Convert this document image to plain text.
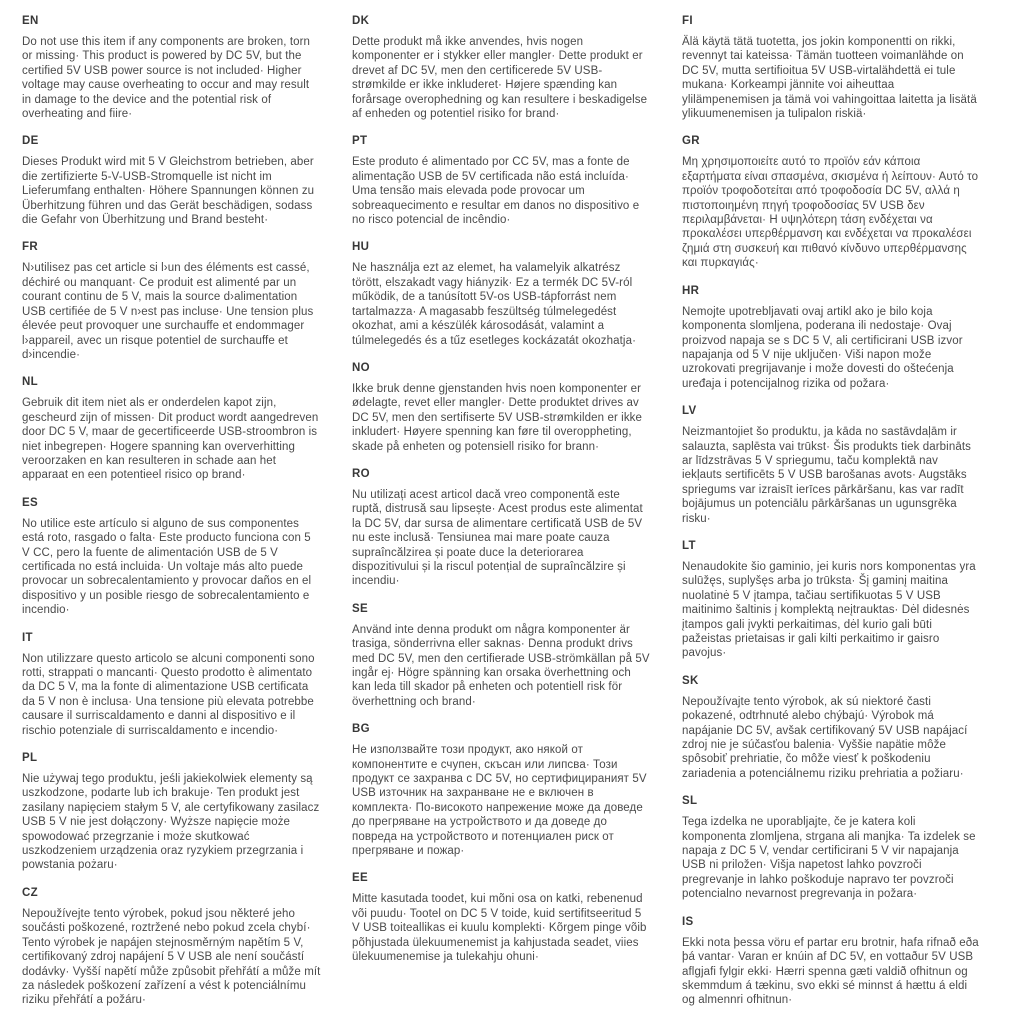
EN

Do not use this item if any components are broken, torn or missing· This product is powered by DC 5V, but the certified 5V USB power source is not included· Higher voltage may cause overheating to occur and may result in damage to the device and the potential risk of overheating and fiire·

DE

Dieses Produkt wird mit 5 V Gleichstrom betrieben, aber die zertifizierte 5-V-USB-Stromquelle ist nicht im Lieferumfang enthalten· Höhere Spannungen können zu Überhitzung führen und das Gerät beschädigen, sodass die Gefahr von Überhitzung und Brand besteht·

FR

N›utilisez pas cet article si l›un des éléments est cassé, déchiré ou manquant· Ce produit est alimenté par un courant continu de 5 V, mais la source d›alimentation USB certifiée de 5 V n›est pas incluse· Une tension plus élevée peut provoquer une surchauffe et endommager l›appareil, avec un risque potentiel de surchauffe et d›incendie·

NL

Gebruik dit item niet als er onderdelen kapot zijn, gescheurd zijn of missen· Dit product wordt aangedreven door DC 5 V, maar de gecertificeerde USB-stroombron is niet inbegrepen· Hogere spanning kan oververhitting veroorzaken en kan resulteren in schade aan het apparaat en een potentieel risico op brand·

ES

No utilice este artículo si alguno de sus componentes está roto, rasgado o falta· Este producto funciona con 5 V CC, pero la fuente de alimentación USB de 5 V certificada no está incluida· Un voltaje más alto puede provocar un sobrecalentamiento y provocar daños en el dispositivo y un posible riesgo de sobrecalentamiento e incendio·

IT

Non utilizzare questo articolo se alcuni componenti sono rotti, strappati o mancanti· Questo prodotto è alimentato da DC 5 V, ma la fonte di alimentazione USB certificata da 5 V non è inclusa· Una tensione più elevata potrebbe causare il surriscaldamento e danni al dispositivo e il rischio potenziale di surriscaldamento e incendio·

PL

Nie używaj tego produktu, jeśli jakiekolwiek elementy są uszkodzone, podarte lub ich brakuje· Ten produkt jest zasilany napięciem stałym 5 V, ale certyfikowany zasilacz USB 5 V nie jest dołączony· Wyższe napięcie może spowodować przegrzanie i może skutkować uszkodzeniem urządzenia oraz ryzykiem przegrzania i powstania pożaru·

CZ

Nepoužívejte tento výrobek, pokud jsou některé jeho součásti poškozené, roztržené nebo pokud zcela chybí· Tento výrobek je napájen stejnosměrným napětím 5 V, certifikovaný zdroj napájení 5 V USB ale není součástí dodávky· Vyšší napětí může způsobit přehřátí a může mít za následek poškození zařízení a vést k potenciálnímu riziku přehřátí a požáru·

DK

Dette produkt må ikke anvendes, hvis nogen komponenter er i stykker eller mangler· Dette produkt er drevet af DC 5V, men den certificerede 5V USB-strømkilde er ikke inkluderet· Højere spænding kan forårsage overophedning og kan resultere i beskadigelse af enheden og potentiel risiko for brand·

PT

Este produto é alimentado por CC 5V, mas a fonte de alimentação USB de 5V certificada não está incluída· Uma tensão mais elevada pode provocar um sobreaquecimento e resultar em danos no dispositivo e no risco potencial de incêndio·

HU

Ne használja ezt az elemet, ha valamelyik alkatrész törött, elszakadt vagy hiányzik· Ez a termék DC 5V-ról működik, de a tanúsított 5V-os USB-tápforrást nem tartalmazza· A magasabb feszültség túlmelegedést okozhat, ami a készülék károsodását, valamint a túlmelegedés és a tűz esetleges kockázatát okozhatja·

NO

Ikke bruk denne gjenstanden hvis noen komponenter er ødelagte, revet eller mangler· Dette produktet drives av DC 5V, men den sertifiserte 5V USB-strømkilden er ikke inkludert· Høyere spenning kan føre til overoppheting, skade på enheten og potensiell risiko for brann·

RO

Nu utilizați acest articol dacă vreo componentă este ruptă, distrusă sau lipsește· Acest produs este alimentat la DC 5V, dar sursa de alimentare certificată USB de 5V nu este inclusă· Tensiunea mai mare poate cauza supraîncălzirea și poate duce la deteriorarea dispozitivului și la riscul potențial de supraîncălzire și incendiu·

SE

Använd inte denna produkt om några komponenter är trasiga, sönderrivna eller saknas· Denna produkt drivs med DC 5V, men den certifierade USB-strömkällan på 5V ingår ej· Högre spänning kan orsaka överhettning och kan leda till skador på enheten och potentiell risk för överhettning och brand·

BG

Не използвайте този продукт, ако някой от компонентите е счупен, скъсан или липсва· Този продукт се захранва с DC 5V, но сертифицираният 5V USB източник на захранване не е включен в комплекта· По-високото напрежение може да доведе до прегряване на устройството и да доведе до повреда на устройството и потенциален риск от прегряване и пожар·

EE

Mitte kasutada toodet, kui mõni osa on katki, rebenenud või puudu· Tootel on DC 5 V toide, kuid sertifitseeritud 5 V USB toiteallikas ei kuulu komplekti· Kõrgem pinge võib põhjustada ülekuumenemist ja kahjustada seadet, viies ülekuumenemise ja tulekahju ohuni·

FI

Älä käytä tätä tuotetta, jos jokin komponentti on rikki, revennyt tai kateissa· Tämän tuotteen voimanlähde on DC 5V, mutta sertifioitua 5V USB-virtalähdettä ei tule mukana· Korkeampi jännite voi aiheuttaa ylilämpenemisen ja tämä voi vahingoittaa laitetta ja lisätä ylikuumenemisen ja tulipalon riskiä·

GR

Μη χρησιμοποιείτε αυτό το προϊόν εάν κάποια εξαρτήματα είναι σπασμένα, σκισμένα ή λείπουν· Αυτό το προϊόν τροφοδοτείται από τροφοδοσία DC 5V, αλλά η πιστοποιημένη πηγή τροφοδοσίας 5V USB δεν περιλαμβάνεται· Η υψηλότερη τάση ενδέχεται να προκαλέσει υπερθέρμανση και ενδέχεται να προκαλέσει ζημιά στη συσκευή και πιθανό κίνδυνο υπερθέρμανσης και πυρκαγιάς·

HR

Nemojte upotrebljavati ovaj artikl ako je bilo koja komponenta slomljena, poderana ili nedostaje· Ovaj proizvod napaja se s DC 5 V, ali certificirani USB izvor napajanja od 5 V nije uključen· Viši napon može uzrokovati pregrijavanje i može dovesti do oštećenja uređaja i potencijalnog rizika od požara·

LV

Neizmantojiet šo produktu, ja kāda no sastāvdaļām ir salauzta, saplēsta vai trūkst· Šis produkts tiek darbināts ar līdzstrāvas 5 V spriegumu, taču komplektā nav iekļauts sertificēts 5 V USB barošanas avots· Augstāks spriegums var izraisīt ierīces pārkāršanu, kas var radīt bojājumus un potenciālu pārkāršanas un ugunsgrēka risku·

LT

Nenaudokite šio gaminio, jei kuris nors komponentas yra sulūžęs, suplyšęs arba jo trūksta· Šį gaminį maitina nuolatinė 5 V įtampa, tačiau sertifikuotas 5 V USB maitinimo šaltinis į komplektą neįtrauktas· Dėl didesnės įtampos gali įvykti perkaitimas, dėl kurio gali būti pažeistas prietaisas ir gali kilti perkaitimo ir gaisro pavojus·

SK

Nepoužívajte tento výrobok, ak sú niektoré časti pokazené, odtrhnuté alebo chýbajú· Výrobok má napájanie DC 5V, avšak certifikovaný 5V USB napájací zdroj nie je súčasťou balenia· Vyššie napätie môže spôsobiť prehriatie, čo môže viesť k poškodeniu zariadenia a potenciálnemu riziku prehriatia a požiaru·

SL

Tega izdelka ne uporabljajte, če je katera koli komponenta zlomljena, strgana ali manjka· Ta izdelek se napaja z DC 5 V, vendar certificirani 5 V vir napajanja USB ni priložen· Višja napetost lahko povzroči pregrevanje in lahko poškoduje napravo ter povzroči potencialno nevarnost pregrevanja in požara·

IS

Ekki nota þessa vöru ef partar eru brotnir, hafa rifnað eða þá vantar· Varan er knúin af DC 5V, en vottaður 5V USB aflgjafi fylgir ekki· Hærri spenna gæti valdið ofhitnun og skemmdum á tækinu, svo ekki sé minnst á hættu á eldi og almennri ofhitnun·
